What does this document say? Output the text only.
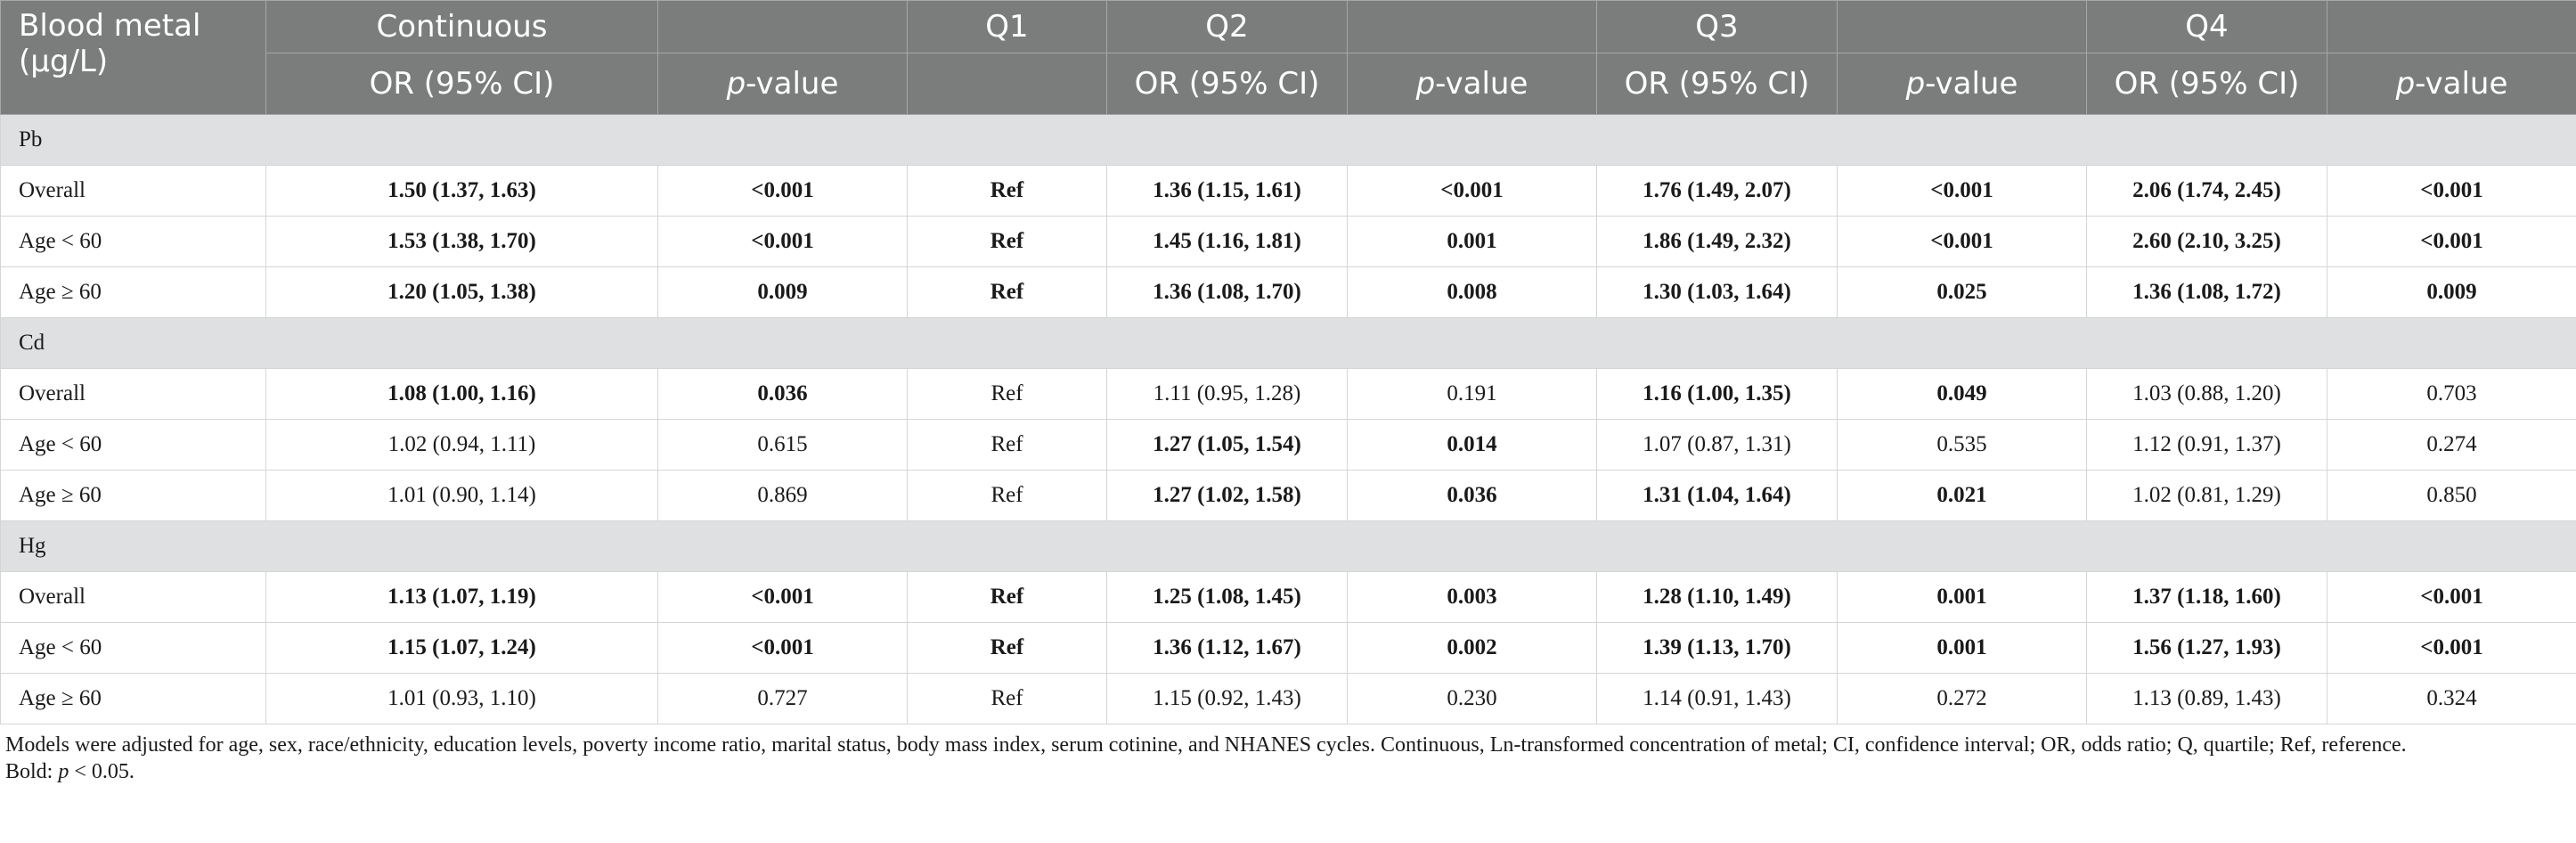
Blood metal (µg/L)	Continuous		Q1	Q2		Q3		Q4	
	OR (95% CI)	p-value		OR (95% CI)	p-value	OR (95% CI)	p-value	OR (95% CI)	p-value
Pb									
Overall	1.50 (1.37, 1.63)	<0.001	Ref	1.36 (1.15, 1.61)	<0.001	1.76 (1.49, 2.07)	<0.001	2.06 (1.74, 2.45)	<0.001
Age < 60	1.53 (1.38, 1.70)	<0.001	Ref	1.45 (1.16, 1.81)	0.001	1.86 (1.49, 2.32)	<0.001	2.60 (2.10, 3.25)	<0.001
Age ≥ 60	1.20 (1.05, 1.38)	0.009	Ref	1.36 (1.08, 1.70)	0.008	1.30 (1.03, 1.64)	0.025	1.36 (1.08, 1.72)	0.009
Cd									
Overall	1.08 (1.00, 1.16)	0.036	Ref	1.11 (0.95, 1.28)	0.191	1.16 (1.00, 1.35)	0.049	1.03 (0.88, 1.20)	0.703
Age < 60	1.02 (0.94, 1.11)	0.615	Ref	1.27 (1.05, 1.54)	0.014	1.07 (0.87, 1.31)	0.535	1.12 (0.91, 1.37)	0.274
Age ≥ 60	1.01 (0.90, 1.14)	0.869	Ref	1.27 (1.02, 1.58)	0.036	1.31 (1.04, 1.64)	0.021	1.02 (0.81, 1.29)	0.850
Hg									
Overall	1.13 (1.07, 1.19)	<0.001	Ref	1.25 (1.08, 1.45)	0.003	1.28 (1.10, 1.49)	0.001	1.37 (1.18, 1.60)	<0.001
Age < 60	1.15 (1.07, 1.24)	<0.001	Ref	1.36 (1.12, 1.67)	0.002	1.39 (1.13, 1.70)	0.001	1.56 (1.27, 1.93)	<0.001
Age ≥ 60	1.01 (0.93, 1.10)	0.727	Ref	1.15 (0.92, 1.43)	0.230	1.14 (0.91, 1.43)	0.272	1.13 (0.89, 1.43)	0.324

Models were adjusted for age, sex, race/ethnicity, education levels, poverty income ratio, marital status, body mass index, serum cotinine, and NHANES cycles. Continuous, Ln-transformed concentration of metal; CI, confidence interval; OR, odds ratio; Q, quartile; Ref, reference.

Bold: p < 0.05.
